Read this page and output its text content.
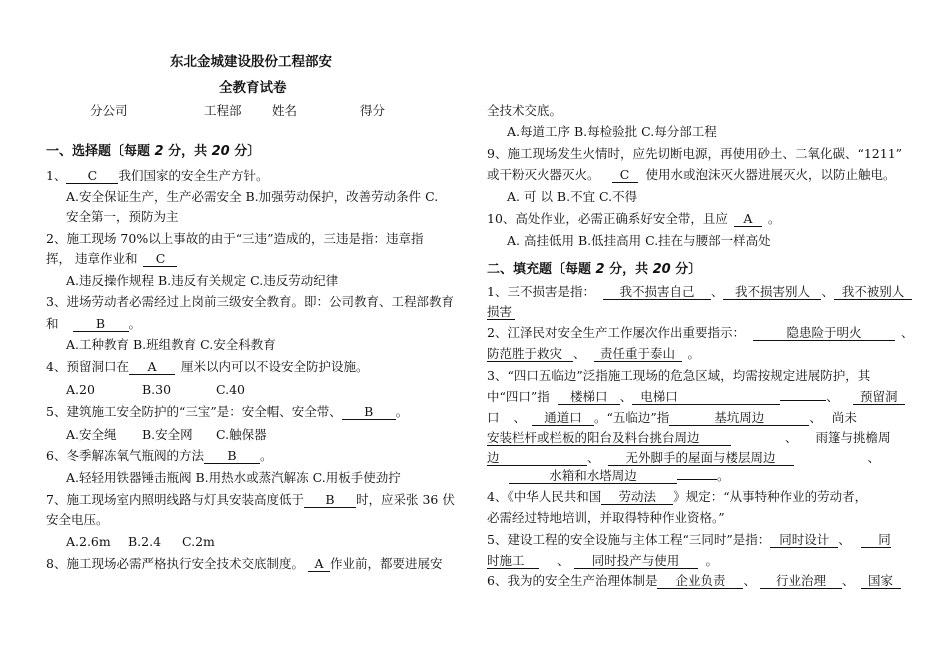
东北金城建设股份工程部安
全教育试卷
分公司	工程部 姓名	得分
一、选择题〔每题 2 分，共 20 分〕
1、 C 我们国家的安全生产方针。
A.安全保证生产，生产必需安全 B.加强劳动保护，改善劳动条件 C.
安全第一，预防为主
2、施工现场 70%以上事故的由于“三违”造成的，三违是指：违章指
挥， 违章作业和 C
A.违反操作规程 B.违反有关规定 C.违反劳动纪律
3、进场劳动者必需经过上岗前三级安全教育。即：公司教育、工程部教育
和	B 。
A.工种教育 B.班组教育 C.安全科教育
4、预留洞口在 A 厘米以内可以不设安全防护设施。
A.20	B.30	C.40
5、建筑施工安全防护的“三宝”是：安全帽、安全带、 B 。
A.安全绳 B.安全网 C.触保器
6、冬季解冻氧气瓶阀的方法 B 。
A.轻轻用铁器锤击瓶阀 B.用热水或蒸汽解冻 C.用板手使劲拧
7、施工现场室内照明线路与灯具安装高度低于 B 时，应采张 36 伏
安全电压。
A.2.6m B.2.4 C.2m
8、施工现场必需严格执行安全技术交底制度。 A 作业前，都要进展安
全技术交底。
A.每道工序 B.每检验批 C.每分部工程
9、施工现场发生火情时，应先切断电源，再使用砂土、二氧化碳、“1211”
或干粉灭火器灭火。 C 使用水或泡沫灭火器进展灭火，以防止触电。
A. 可 以 B.不宜 C.不得
10、高处作业，必需正确系好安全带，且应 A 。
A. 高挂低用 B.低挂高用 C.挂在与腰部一样高处
二、填充题〔每题 2 分，共 20 分〕
1、三不损害是指： 我不损害自己 、 我不损害别人 、 我不被别人
损害
2、江泽民对安全生产工作屡次作出重要指示：	隐患险于明火	、
防范胜于救灾 、 责任重于泰山 。
3、“四口五临边”泛指施工现场的危急区域，均需按规定进展防护，其
中“四口”指 楼梯口 、 电梯口	、 预留洞
口 、 通道口 。“五临边”指	基坑周边	、 尚未
安装栏杆或栏板的阳台及料台挑台周边	、 雨篷与挑檐周
边	、 无外脚手的屋面与楼层周边	、
水箱和水塔周边	。
4、《中华人民共和国 劳动法 》规定：“从事特种作业的劳动者，
必需经过特地培训，并取得特种作业资格。”
5、建设工程的安全设施与主体工程“三同时”是指： 同时设计 、 同
时施工	、 同时投产与使用 。
6、我为的安全生产治理体制是 企业负责 、 行业治理 、 国家
